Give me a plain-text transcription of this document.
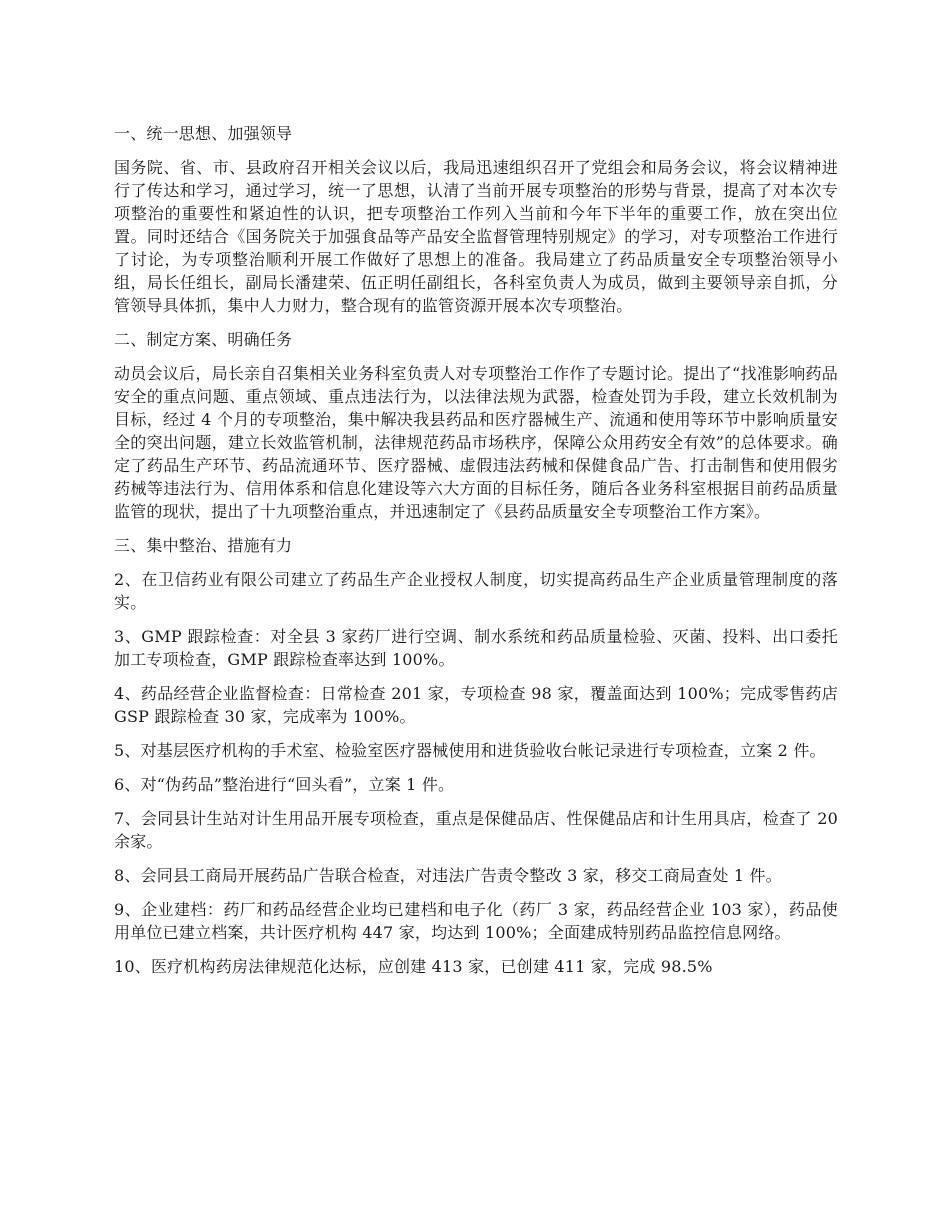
一、统一思想、加强领导

国务院、省、市、县政府召开相关会议以后，我局迅速组织召开了党组会和局务会议，将会议精神进行了传达和学习，通过学习，统一了思想，认清了当前开展专项整治的形势与背景，提高了对本次专项整治的重要性和紧迫性的认识，把专项整治工作列入当前和今年下半年的重要工作，放在突出位置。同时还结合《国务院关于加强食品等产品安全监督管理特别规定》的学习，对专项整治工作进行了讨论，为专项整治顺利开展工作做好了思想上的准备。我局建立了药品质量安全专项整治领导小组，局长任组长，副局长潘建荣、伍正明任副组长，各科室负责人为成员，做到主要领导亲自抓，分管领导具体抓，集中人力财力，整合现有的监管资源开展本次专项整治。

二、制定方案、明确任务

动员会议后，局长亲自召集相关业务科室负责人对专项整治工作作了专题讨论。提出了“找准影响药品安全的重点问题、重点领域、重点违法行为，以法律法规为武器，检查处罚为手段，建立长效机制为目标，经过 4 个月的专项整治，集中解决我县药品和医疗器械生产、流通和使用等环节中影响质量安全的突出问题，建立长效监管机制，法律规范药品市场秩序，保障公众用药安全有效”的总体要求。确定了药品生产环节、药品流通环节、医疗器械、虚假违法药械和保健食品广告、打击制售和使用假劣药械等违法行为、信用体系和信息化建设等六大方面的目标任务，随后各业务科室根据目前药品质量监管的现状，提出了十九项整治重点，并迅速制定了《县药品质量安全专项整治工作方案》。

三、集中整治、措施有力

2、在卫信药业有限公司建立了药品生产企业授权人制度，切实提高药品生产企业质量管理制度的落实。

3、GMP 跟踪检查：对全县 3 家药厂进行空调、制水系统和药品质量检验、灭菌、投料、出口委托加工专项检查，GMP 跟踪检查率达到 100%。

4、药品经营企业监督检查：日常检查 201 家，专项检查 98 家，覆盖面达到 100%；完成零售药店 GSP 跟踪检查 30 家，完成率为 100%。

5、对基层医疗机构的手术室、检验室医疗器械使用和进货验收台帐记录进行专项检查，立案 2 件。

6、对“伪药品”整治进行“回头看”，立案 1 件。

7、会同县计生站对计生用品开展专项检查，重点是保健品店、性保健品店和计生用具店，检查了 20 余家。

8、会同县工商局开展药品广告联合检查，对违法广告责令整改 3 家，移交工商局查处 1 件。

9、企业建档：药厂和药品经营企业均已建档和电子化（药厂 3 家，药品经营企业 103 家），药品使用单位已建立档案，共计医疗机构 447 家，均达到 100%；全面建成特别药品监控信息网络。

10、医疗机构药房法律规范化达标，应创建 413 家，已创建 411 家，完成 98.5%
